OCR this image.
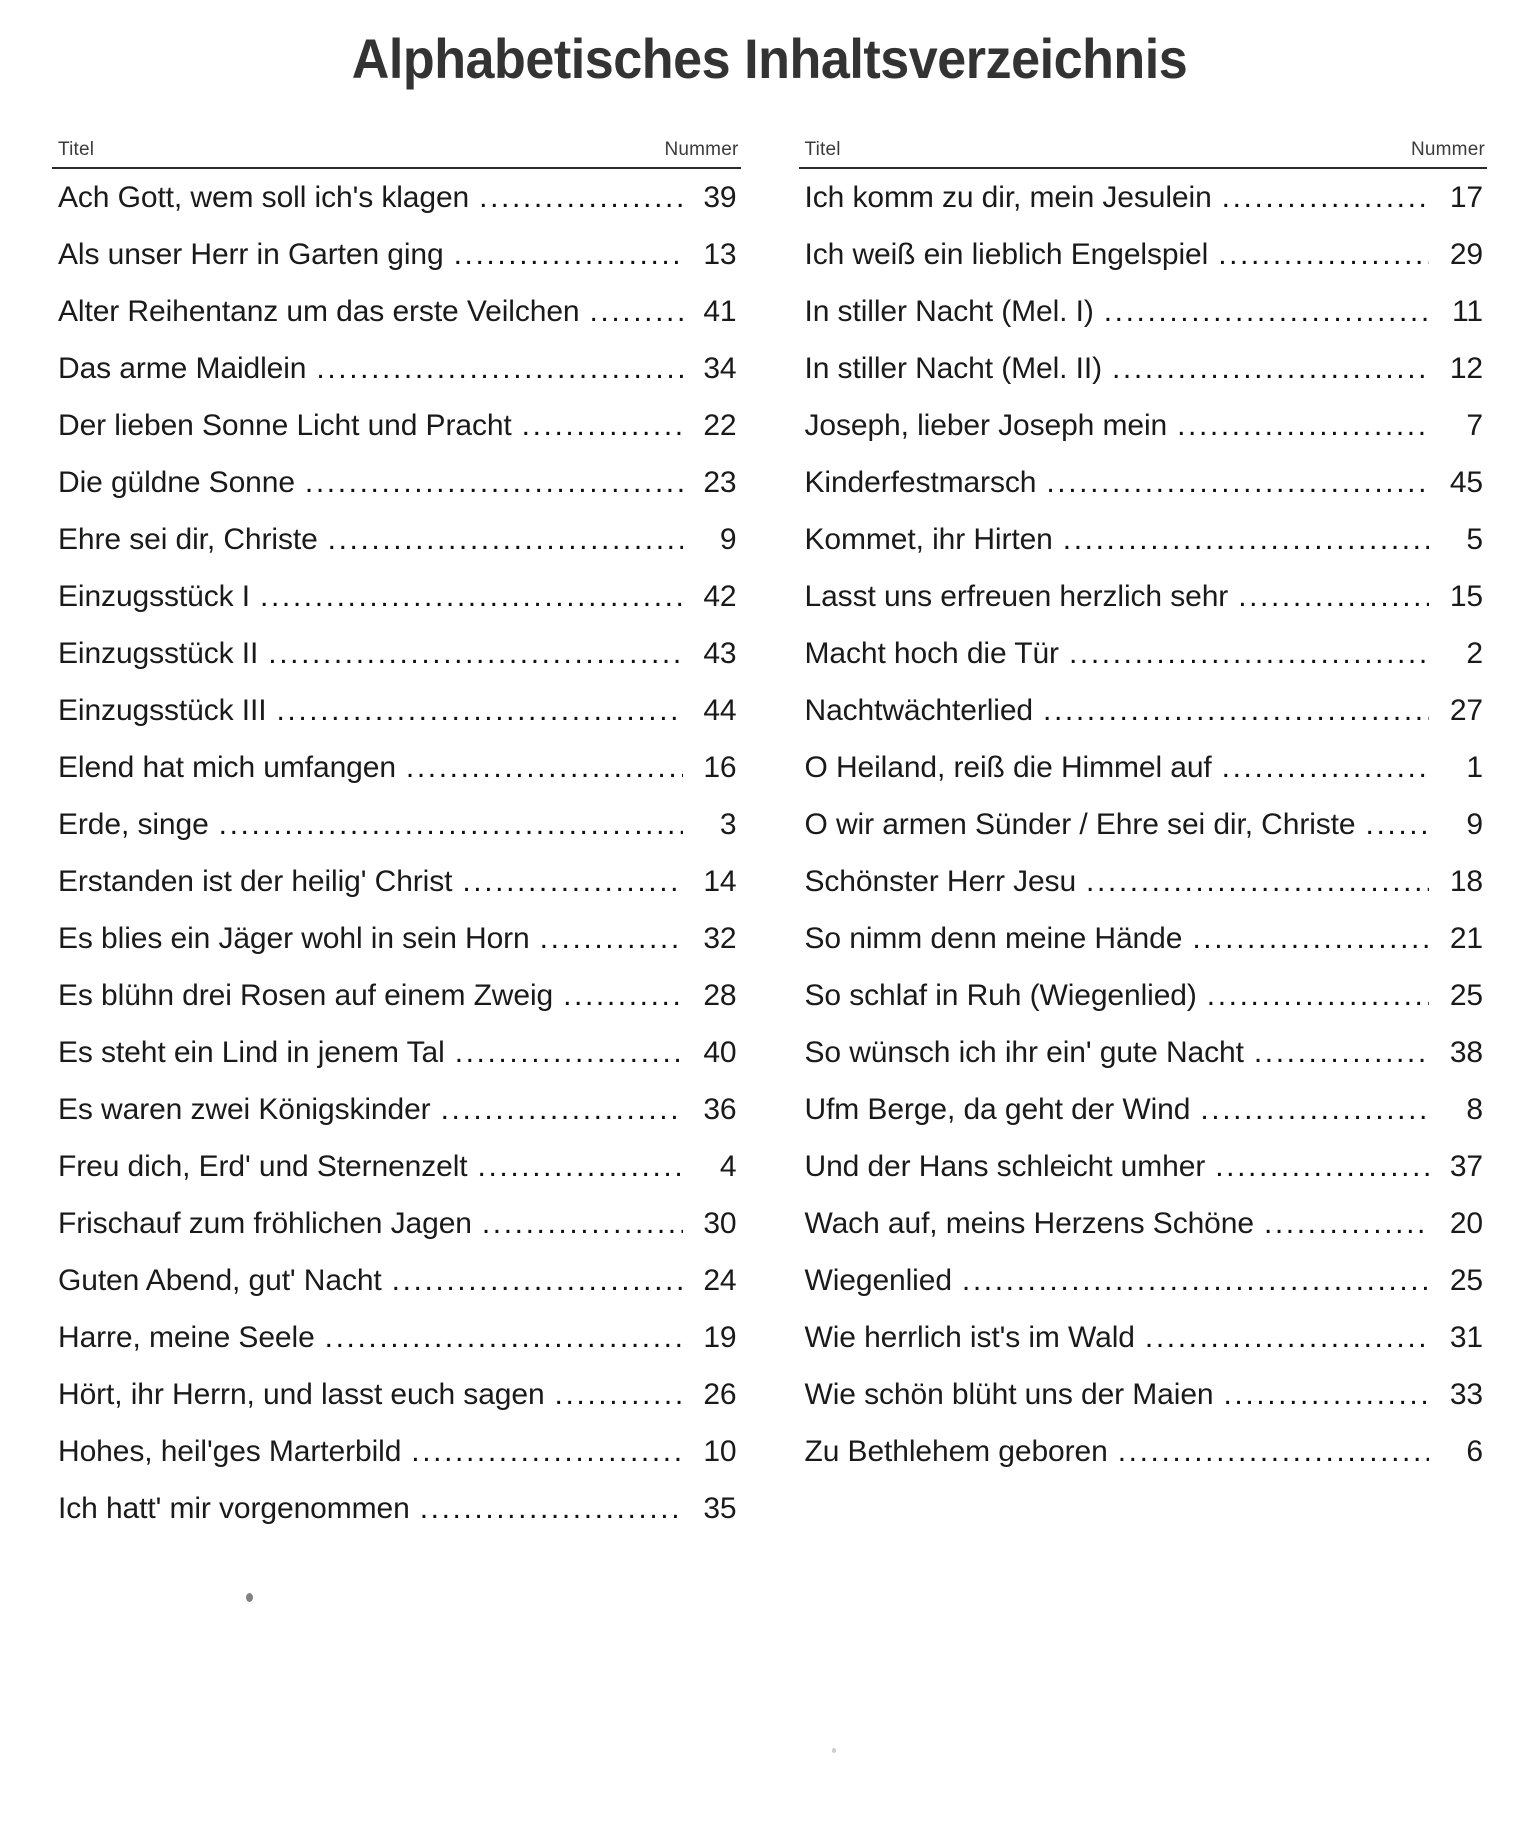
Alphabetisches Inhaltsverzeichnis
Titel	Nummer
Ach Gott, wem soll ich's klagen .....	39
Als unser Herr in Garten ging .....	13
Alter Reihentanz um das erste Veilchen .....	41
Das arme Maidlein .....	34
Der lieben Sonne Licht und Pracht .....	22
Die güldne Sonne .....	23
Ehre sei dir, Christe .....	9
Einzugsstück I .....	42
Einzugsstück II .....	43
Einzugsstück III .....	44
Elend hat mich umfangen .....	16
Erde, singe .....	3
Erstanden ist der heilig' Christ .....	14
Es blies ein Jäger wohl in sein Horn .....	32
Es blühn drei Rosen auf einem Zweig .....	28
Es steht ein Lind in jenem Tal .....	40
Es waren zwei Königskinder .....	36
Freu dich, Erd' und Sternenzelt .....	4
Frischauf zum fröhlichen Jagen .....	30
Guten Abend, gut' Nacht .....	24
Harre, meine Seele .....	19
Hört, ihr Herrn, und lasst euch sagen .....	26
Hohes, heil'ges Marterbild .....	10
Ich hatt' mir vorgenommen .....	35
Titel	Nummer
Ich komm zu dir, mein Jesulein .....	17
Ich weiß ein lieblich Engelspiel .....	29
In stiller Nacht (Mel. I) .....	11
In stiller Nacht (Mel. II) .....	12
Joseph, lieber Joseph mein .....	7
Kinderfestmarsch .....	45
Kommet, ihr Hirten .....	5
Lasst uns erfreuen herzlich sehr .....	15
Macht hoch die Tür .....	2
Nachtwächterlied .....	27
O Heiland, reiß die Himmel auf .....	1
O wir armen Sünder / Ehre sei dir, Christe .....	9
Schönster Herr Jesu .....	18
So nimm denn meine Hände .....	21
So schlaf in Ruh (Wiegenlied) .....	25
So wünsch ich ihr ein' gute Nacht .....	38
Ufm Berge, da geht der Wind .....	8
Und der Hans schleicht umher .....	37
Wach auf, meins Herzens Schöne .....	20
Wiegenlied .....	25
Wie herrlich ist's im Wald .....	31
Wie schön blüht uns der Maien .....	33
Zu Bethlehem geboren .....	6
